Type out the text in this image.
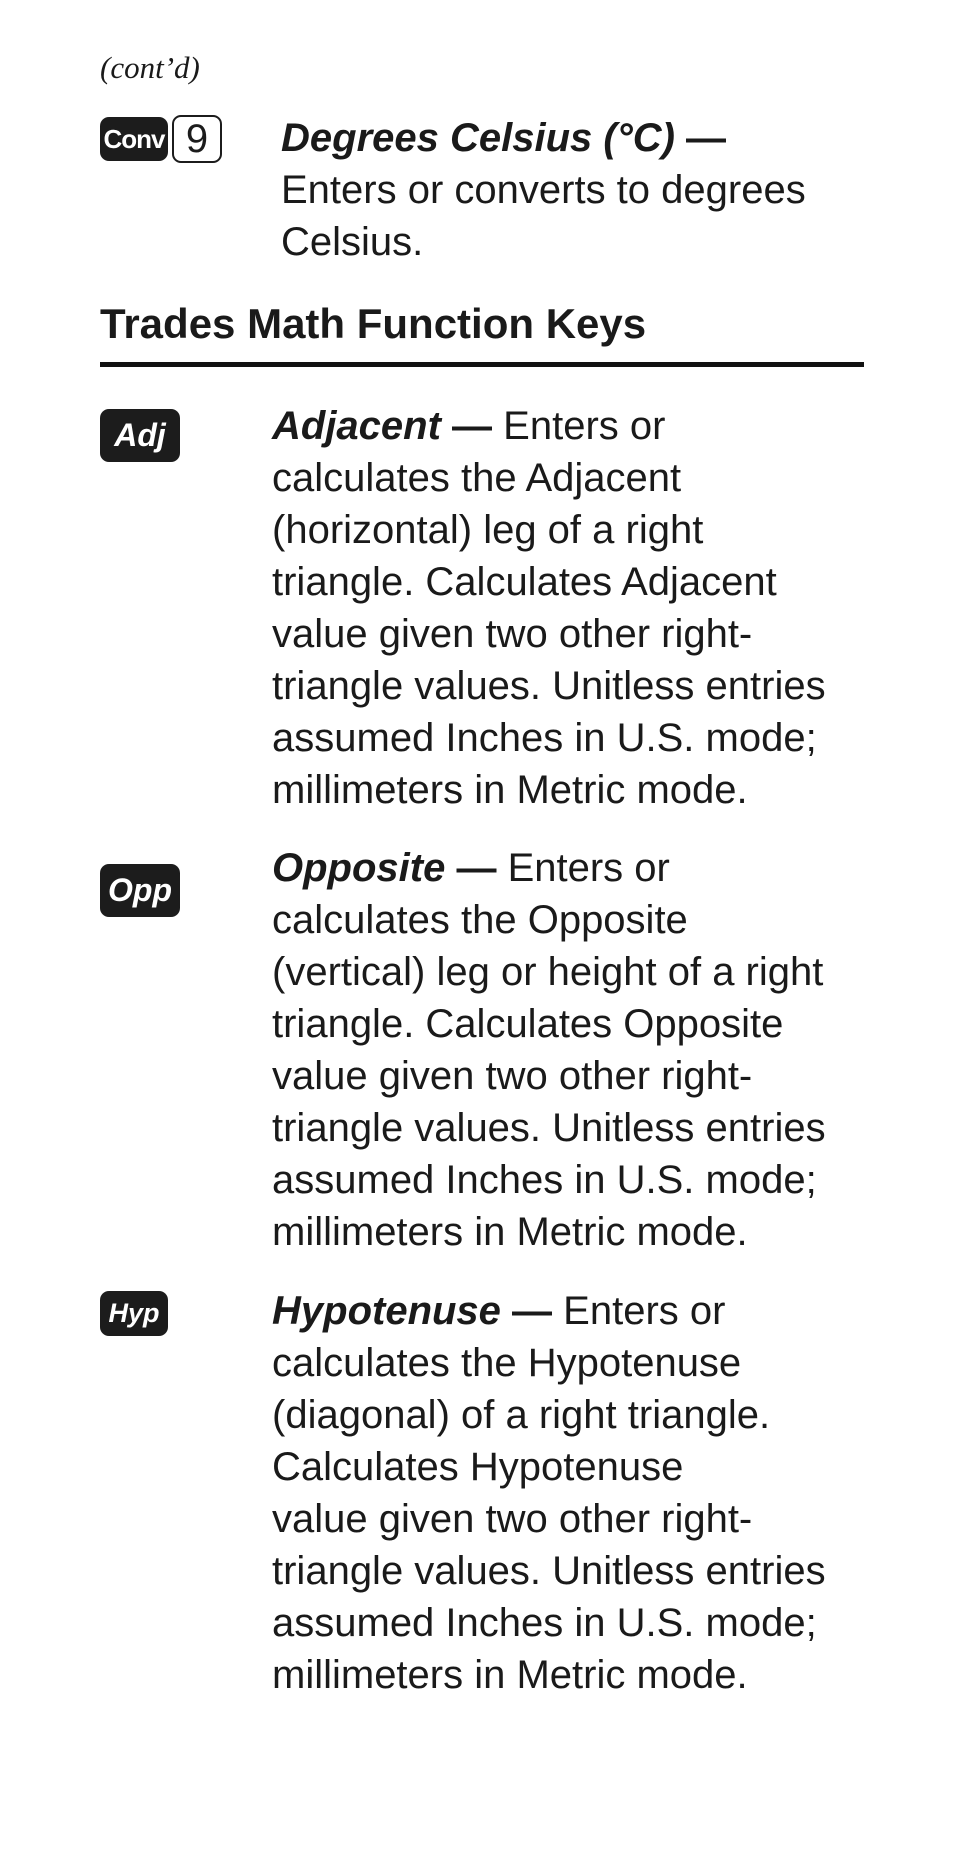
(cont’d)
Conv 9 Degrees Celsius (°C) —
Enters or converts to degrees
Celsius.
Trades Math Function Keys
Adj	Adjacent — Enters or
calculates the Adjacent
(horizontal) leg of a right
triangle. Calculates Adjacent
value given two other right-
triangle values. Unitless entries
assumed Inches in U.S. mode;
millimeters in Metric mode.
Opp	Opposite — Enters or
calculates the Opposite
(vertical) leg or height of a right
triangle. Calculates Opposite
value given two other right-
triangle values. Unitless entries
assumed Inches in U.S. mode;
millimeters in Metric mode.
Hyp	Hypotenuse — Enters or
calculates the Hypotenuse
(diagonal) of a right triangle.
Calculates Hypotenuse
value given two other right-
triangle values. Unitless entries
assumed Inches in U.S. mode;
millimeters in Metric mode.
